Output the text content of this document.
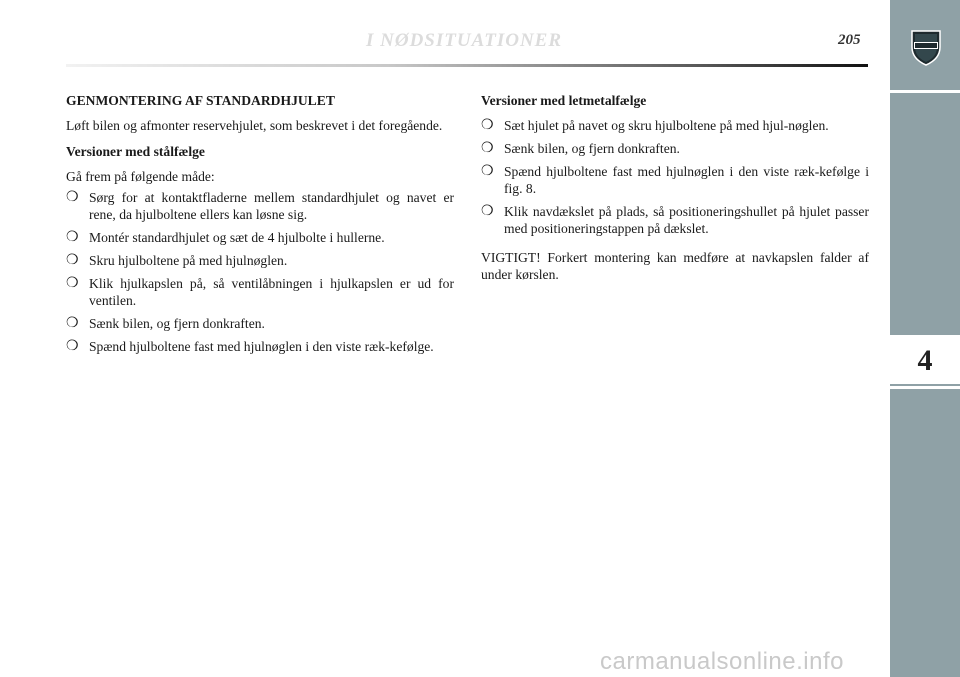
I NØDSITUATIONER	205
4
GENMONTERING AF STANDARDHJULET

Løft bilen og afmonter reservehjulet, som beskrevet i det foregående.

Versioner med stålfælge

Gå frem på følgende måde:

❍ Sørg for at kontaktfladerne mellem standardhjulet og navet er rene, da hjulboltene ellers kan løsne sig.
❍ Montér standardhjulet og sæt de 4 hjulbolte i hullerne.
❍ Skru hjulboltene på med hjulnøglen.
❍ Klik hjulkapslen på, så ventilåbningen i hjulkapslen er ud for ventilen.
❍ Sænk bilen, og fjern donkraften.
❍ Spænd hjulboltene fast med hjulnøglen i den viste ræk-kefølge.
Versioner med letmetalfælge
❍ Sæt hjulet på navet og skru hjulboltene på med hjul-nøglen.
❍ Sænk bilen, og fjern donkraften.
❍ Spænd hjulboltene fast med hjulnøglen i den viste ræk-kefølge i fig. 8.
❍ Klik navdækslet på plads, så positioneringshullet på hjulet passer med positioneringstappen på dækslet.

VIGTIGT! Forkert montering kan medføre at navkapslen falder af under kørslen.

carmanualsonline.info
